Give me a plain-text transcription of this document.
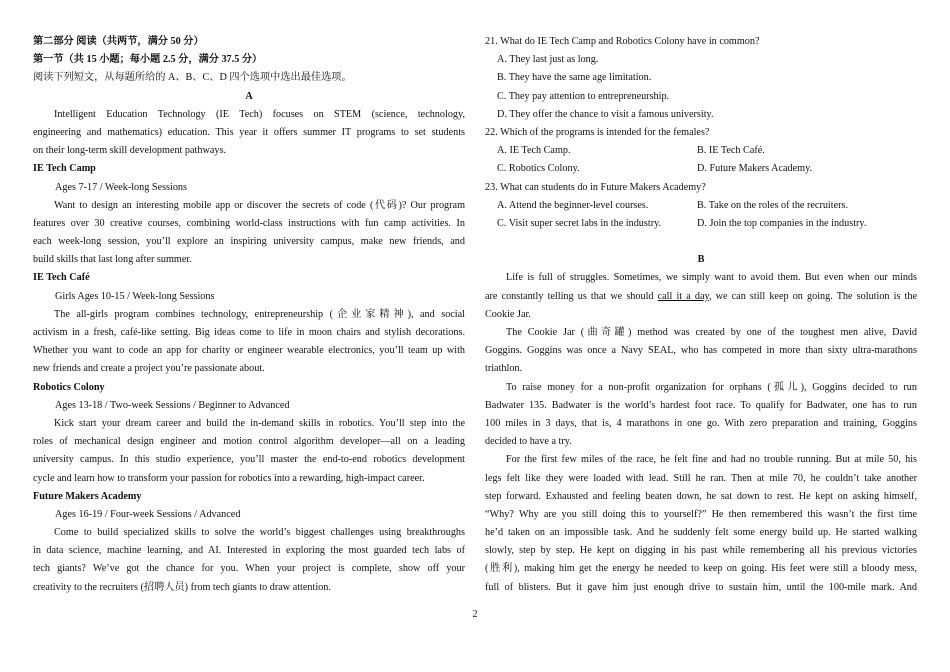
第二部分 阅读（共两节，满分 50 分）
第一节（共 15 小题；每小题 2.5 分，满分 37.5 分）
阅读下列短文，从每题所给的 A、B、C、D 四个选项中选出最佳选项。
A
Intelligent Education Technology (IE Tech) focuses on STEM (science, technology,
engineering and mathematics) education. This year it offers summer IT programs to set students
on their long-term skill development pathways.
IE Tech Camp
Ages 7-17 / Week-long Sessions
Want to design an interesting mobile app or discover the secrets of code (代码)? Our program
features over 30 creative courses, combining world-class instructions with fun camp activities. In
each week-long session, you’ll explore an inspiring university campus, make new friends, and
build skills that last long after summer.
IE Tech Café
Girls Ages 10-15 / Week-long Sessions
The all-girls program combines technology, entrepreneurship (企业家精神), and social
activism in a fresh, café-like setting. Big ideas come to life in moon chairs and stylish decorations.
Whether you want to code an app for charity or engineer wearable electronics, you’ll team up with
new friends and create a project you’re passionate about.
Robotics Colony
Ages 13-18 / Two-week Sessions / Beginner to Advanced
Kick start your dream career and build the in-demand skills in robotics. You’ll step into the
roles of mechanical design engineer and motion control algorithm developer—all on a leading
university campus. In this studio experience, you’ll master the end-to-end robotics development
cycle and learn how to transform your passion for robotics into a rewarding, high-impact career.
Future Makers Academy
Ages 16-19 / Four-week Sessions / Advanced
Come to build specialized skills to solve the world’s biggest challenges using breakthroughs
in data science, machine learning, and AI. Interested in exploring the most guarded tech labs of
tech giants? We’ve got the chance for you. When your project is complete, show off your
creativity to the recruiters (招聘人员) from tech giants to draw attention.
21. What do IE Tech Camp and Robotics Colony have in common?
A. They last just as long.
B. They have the same age limitation.
C. They pay attention to entrepreneurship.
D. They offer the chance to visit a famous university.
22. Which of the programs is intended for the females?
A. IE Tech Camp.	B. IE Tech Café.
C. Robotics Colony.	D. Future Makers Academy.
23. What can students do in Future Makers Academy?
A. Attend the beginner-level courses.	B. Take on the roles of the recruiters.
C. Visit super secret labs in the industry.	D. Join the top companies in the industry.
B
Life is full of struggles. Sometimes, we simply want to avoid them. But even when our minds
are constantly telling us that we should call it a day, we can still keep on going. The solution is the
Cookie Jar.
The Cookie Jar (曲奇罐) method was created by one of the toughest men alive, David
Goggins. Goggins was once a Navy SEAL, who has competed in more than sixty ultra-marathons
triathlon.
To raise money for a non-profit organization for orphans (孤儿), Goggins decided to run
Badwater 135. Badwater is the world’s hardest foot race. To qualify for Badwater, one has to run
100 miles in 3 days, that is, 4 marathons in one go. With zero preparation and training, Goggins
decided to have a try.
For the first few miles of the race, he felt fine and had no trouble running. But at mile 50, his
legs felt like they were loaded with lead. Still he ran. Then at mile 70, he couldn’t take another
step forward. Exhausted and feeling beaten down, he sat down to rest. He kept on asking himself,
“Why? Why are you still doing this to yourself?” He then remembered this wasn’t the first time
he’d taken on an impossible task. And he suddenly felt some energy build up. He started walking
slowly, step by step. He kept on digging in his past while remembering all his previous victories
(胜利), making him get the energy he needed to keep on going. His feet were still a bloody mess,
full of blisters. But it gave him just enough drive to sustain him, until the 100-mile mark. And
2
